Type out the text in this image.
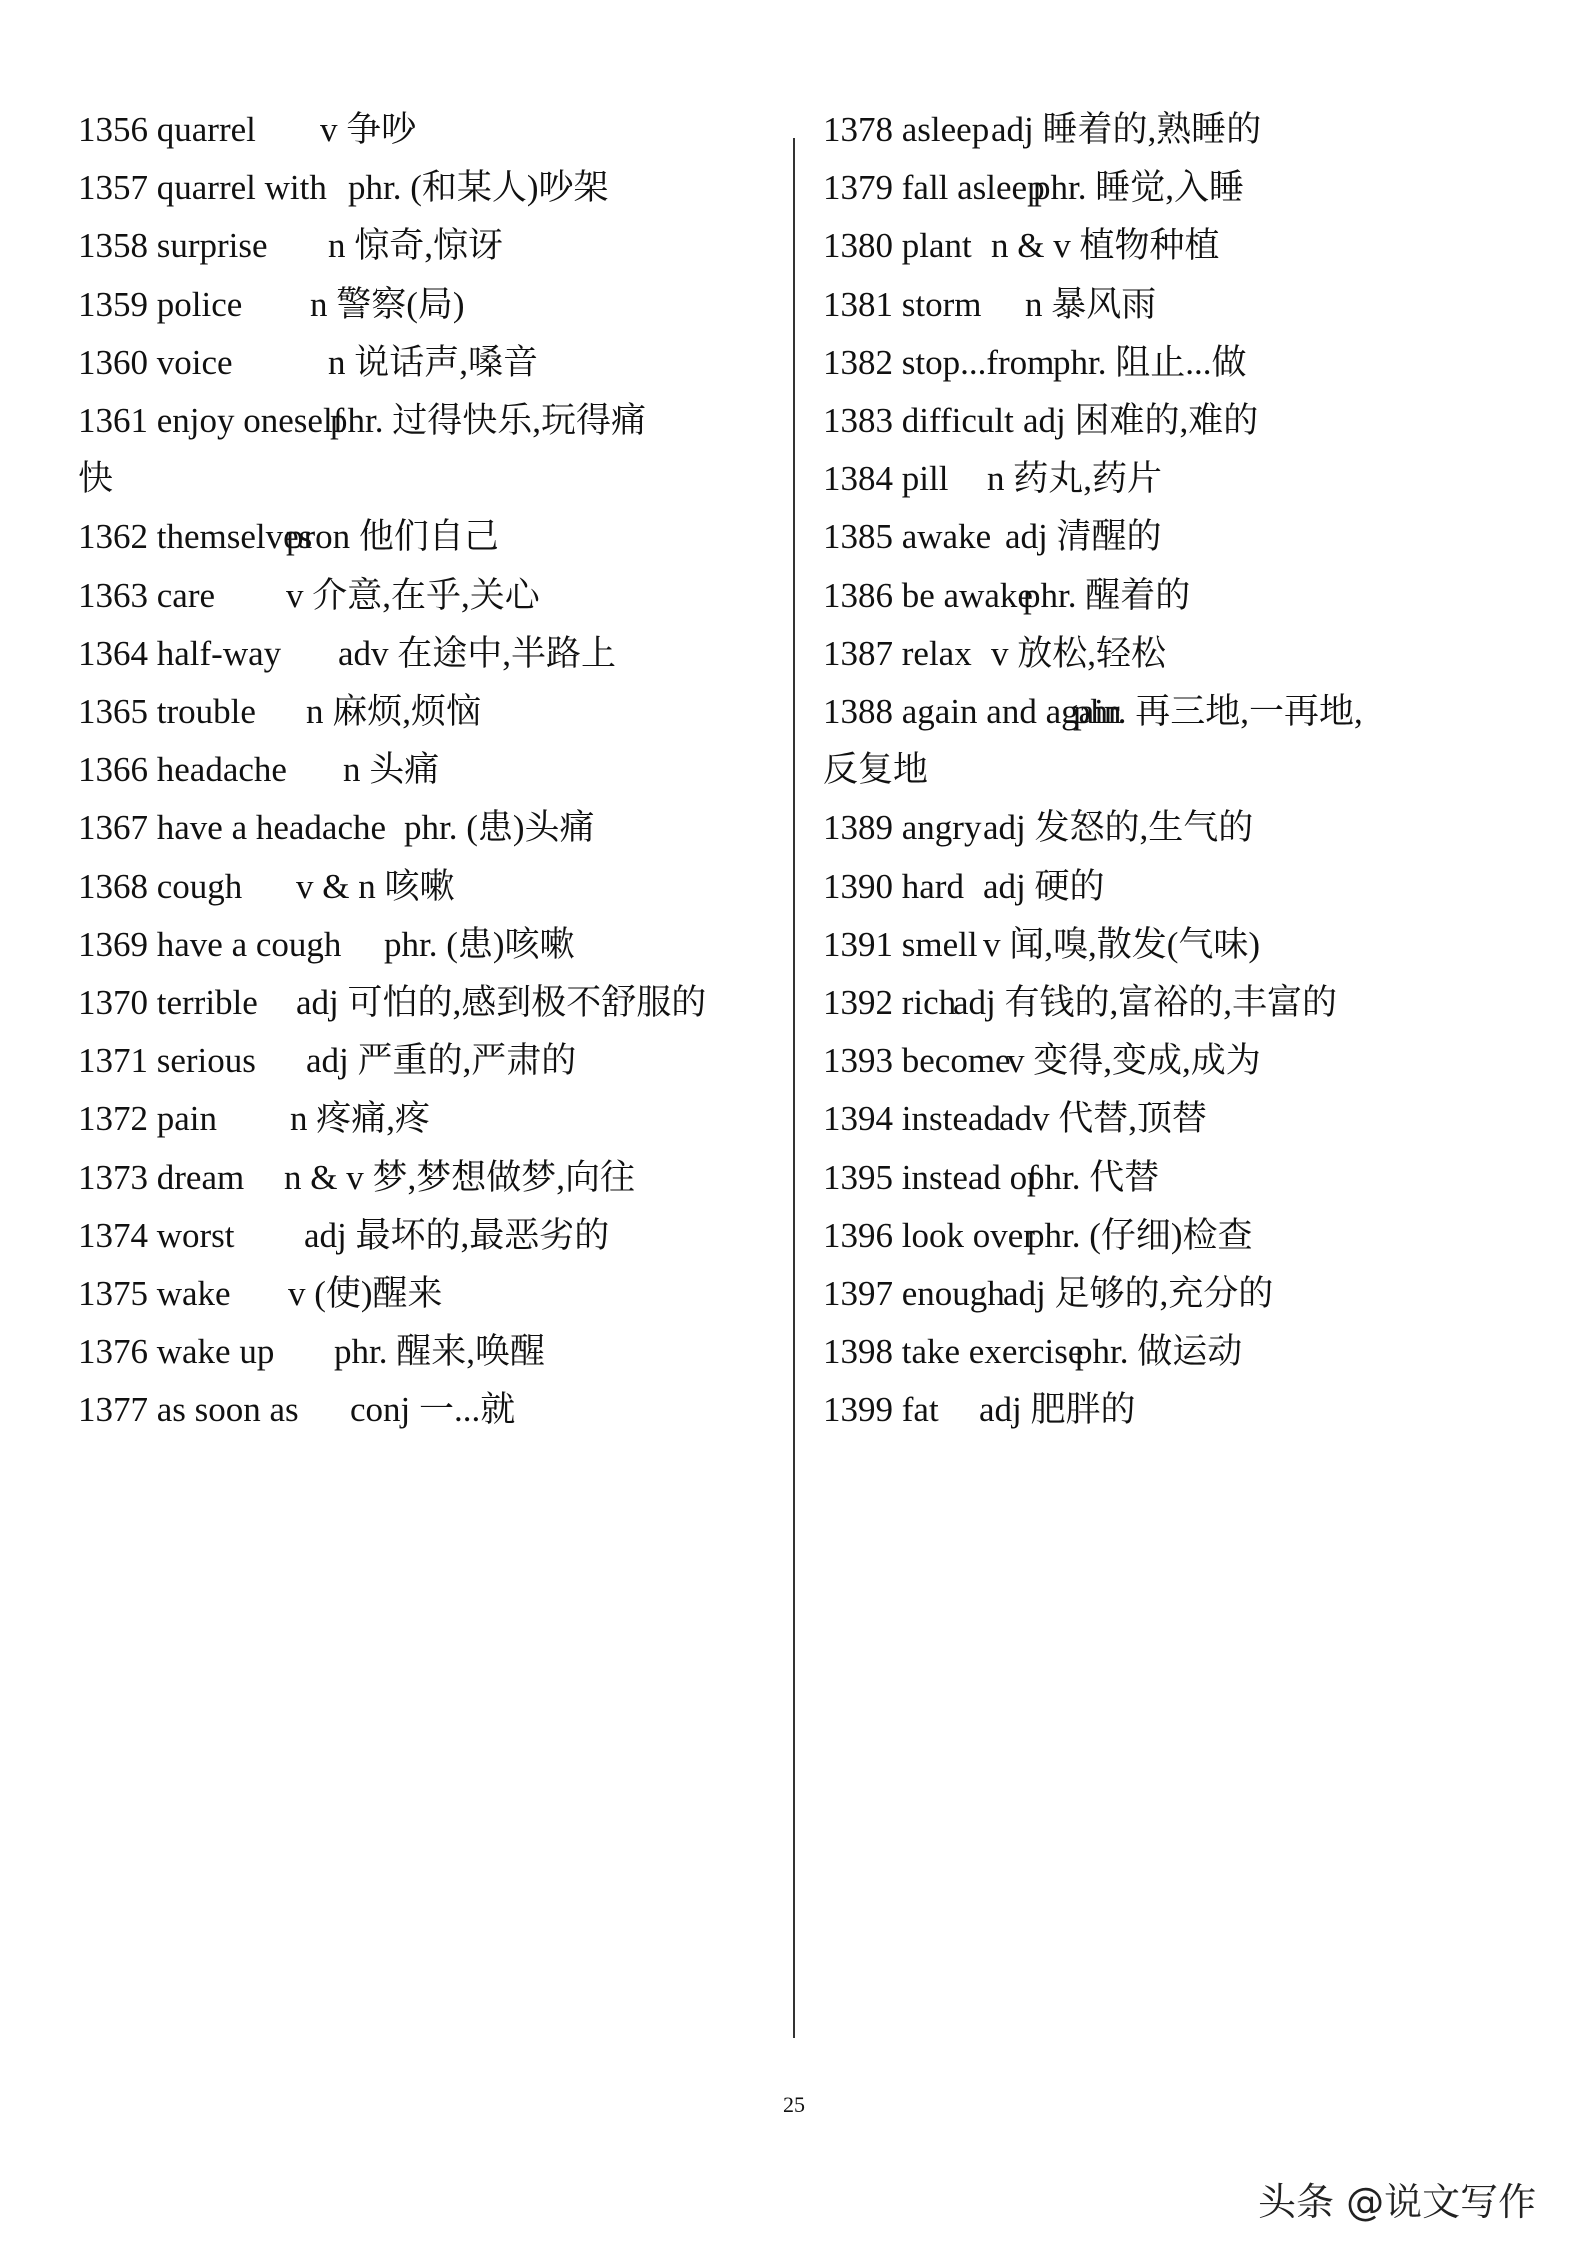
1356 quarrel v 争吵
1357 quarrel with phr. (和某人)吵架
1358 surprise n 惊奇,惊讶
1359 police n 警察(局)
1360 voice	n 说话声,嗓音
1361 enjoy oneself
phr. 过得快乐,玩得痛
快
1362 themselves
pron 他们自己
1363 care v 介意,在乎,关心
1364 half-way adv 在途中,半路上
1365 trouble n 麻烦,烦恼
1366 headache n 头痛
1367 have a headache phr. (患)头痛
1368 cough v & n 咳嗽
1369 have a cough phr. (患)咳嗽
1370 terrible adj 可怕的,感到极不舒服的
1371 serious adj 严重的,严肃的
1372 pain n 疼痛,疼
1373 dream n & v 梦,梦想做梦,向往
1374 worst adj 最坏的,最恶劣的
1375 wake v (使)醒来
1376 wake up phr. 醒来,唤醒
1377 as soon as conj 一...就
1378 asleep adj 睡着的,熟睡的
1379 fall asleep
phr. 睡觉,入睡
1380 plant n & v 植物种植
1381 storm n 暴风雨
1382 stop...from
phr. 阻止...做
1383 difficult adj 困难的,难的
1384 pill n 药丸,药片
1385 awake adj 清醒的
1386 be awake
phr. 醒着的
1387 relax v 放松,轻松
1388 again and again
phr. 再三地,一再地,
反复地
1389 angry adj 发怒的,生气的
1390 hard adj 硬的
1391 smell v 闻,嗅,散发(气味)
1392 rich
adj 有钱的,富裕的,丰富的
1393 become
v 变得,变成,成为
1394 instead
adv 代替,顶替
1395 instead of
phr. 代替
1396 look over
phr. (仔细)检查
1397 enough
adj 足够的,充分的
1398 take exercise
phr. 做运动
1399 fat adj 肥胖的
25
头条 @说文写作
